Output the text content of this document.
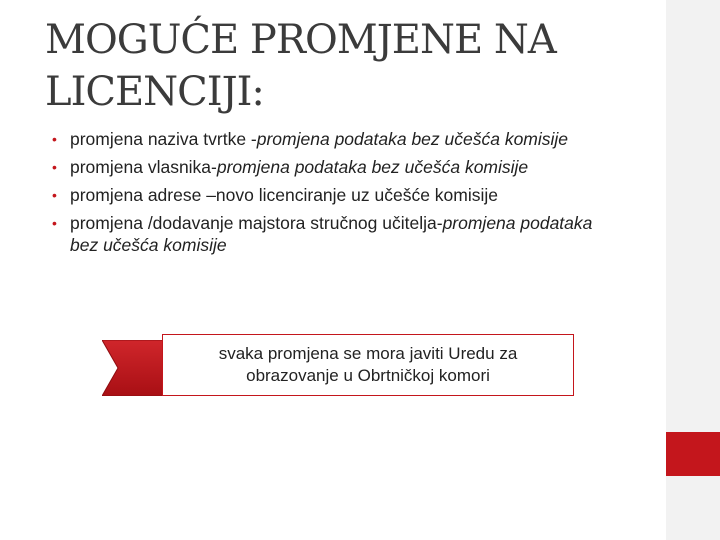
MOGUĆE PROMJENE NA LICENCIJI:
• promjena naziva tvrtke -promjena podataka bez učešća komisije
• promjena vlasnika-promjena podataka bez učešća komisije
• promjena adrese –novo licenciranje uz učešće komisije
• promjena /dodavanje majstora stručnog učitelja-promjena podataka bez učešća komisije
svaka promjena se mora javiti Uredu za obrazovanje u Obrtničkoj komori
